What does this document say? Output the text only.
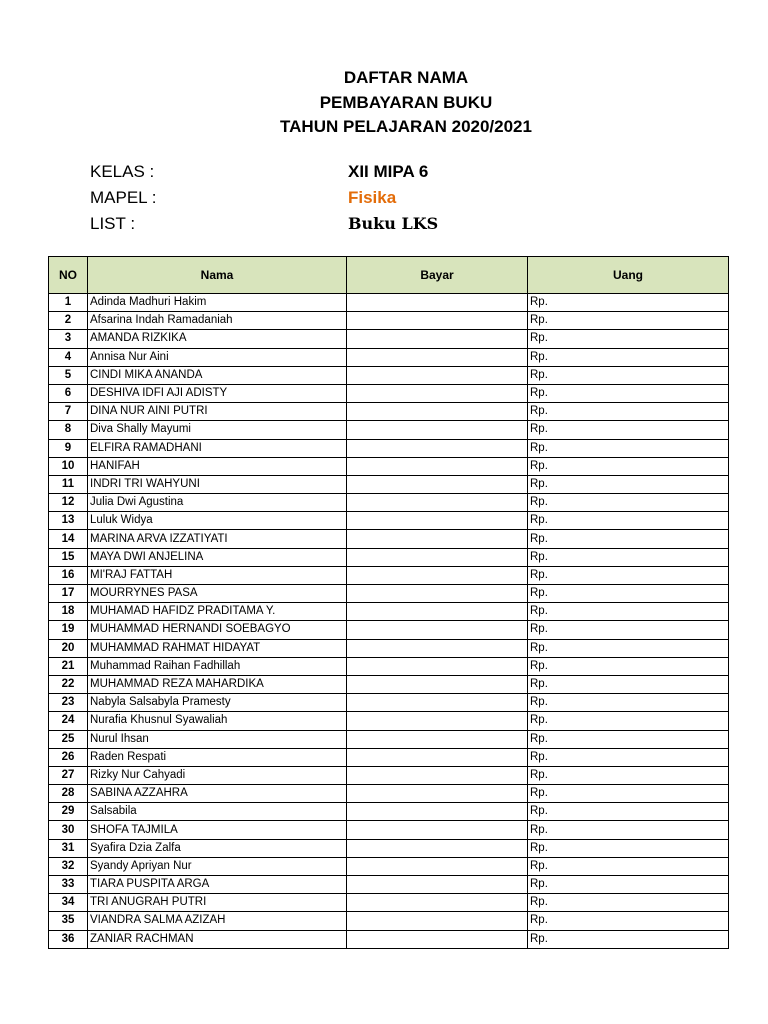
DAFTAR NAMA
PEMBAYARAN BUKU
TAHUN PELAJARAN 2020/2021
KELAS :	XII MIPA 6
MAPEL :	Fisika
LIST :	Buku LKS
NO	Nama	Bayar	Uang
1	Adinda Madhuri Hakim		Rp.
2	Afsarina Indah Ramadaniah		Rp.
3	AMANDA RIZKIKA		Rp.
4	Annisa Nur Aini		Rp.
5	CINDI MIKA ANANDA		Rp.
6	DESHIVA IDFI AJI ADISTY		Rp.
7	DINA NUR AINI PUTRI		Rp.
8	Diva Shally Mayumi		Rp.
9	ELFIRA RAMADHANI		Rp.
10	HANIFAH		Rp.
11	INDRI TRI WAHYUNI		Rp.
12	Julia Dwi Agustina		Rp.
13	Luluk Widya		Rp.
14	MARINA ARVA IZZATIYATI		Rp.
15	MAYA DWI ANJELINA		Rp.
16	MI'RAJ FATTAH		Rp.
17	MOURRYNES PASA		Rp.
18	MUHAMAD HAFIDZ PRADITAMA Y.		Rp.
19	MUHAMMAD HERNANDI SOEBAGYO		Rp.
20	MUHAMMAD RAHMAT HIDAYAT		Rp.
21	Muhammad Raihan Fadhillah		Rp.
22	MUHAMMAD REZA MAHARDIKA		Rp.
23	Nabyla Salsabyla Pramesty		Rp.
24	Nurafia Khusnul Syawaliah		Rp.
25	Nurul Ihsan		Rp.
26	Raden Respati		Rp.
27	Rizky Nur Cahyadi		Rp.
28	SABINA AZZAHRA		Rp.
29	Salsabila		Rp.
30	SHOFA TAJMILA		Rp.
31	Syafira Dzia Zalfa		Rp.
32	Syandy Apriyan Nur		Rp.
33	TIARA PUSPITA ARGA		Rp.
34	TRI ANUGRAH PUTRI		Rp.
35	VIANDRA SALMA AZIZAH		Rp.
36	ZANIAR RACHMAN		Rp.
